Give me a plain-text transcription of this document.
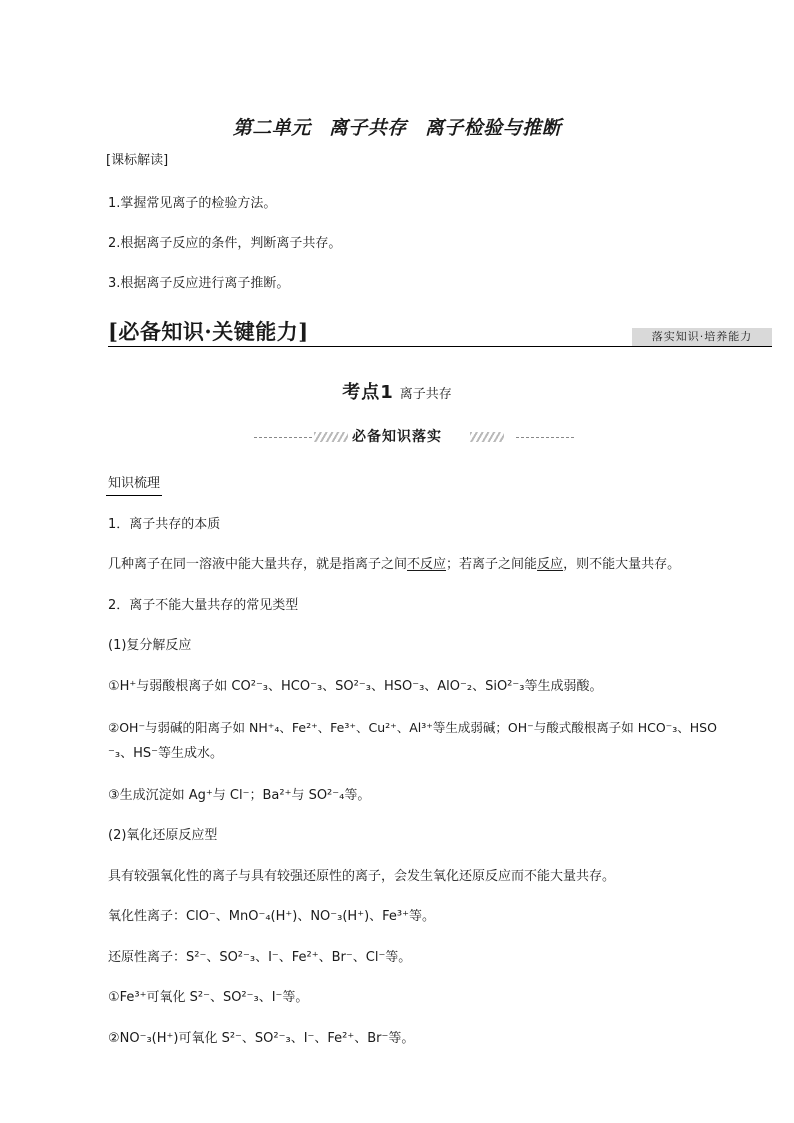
第二单元 离子共存 离子检验与推断
[课标解读]
1.掌握常见离子的检验方法。
2.根据离子反应的条件，判断离子共存。
3.根据离子反应进行离子推断。
[必备知识·关键能力]	落实知识·培养能力
考点1 离子共存
必备知识落实
知识梳理
1．离子共存的本质
几种离子在同一溶液中能大量共存，就是指离子之间不反应；若离子之间能反应，则不能大量共存。
2．离子不能大量共存的常见类型
(1)复分解反应
①H⁺与弱酸根离子如 CO²⁻₃、HCO⁻₃、SO²⁻₃、HSO⁻₃、AlO⁻₂、SiO²⁻₃等生成弱酸。
②OH⁻与弱碱的阳离子如 NH⁺₄、Fe²⁺、Fe³⁺、Cu²⁺、Al³⁺等生成弱碱；OH⁻与酸式酸根离子如 HCO⁻₃、HSO
⁻₃、HS⁻等生成水。
③生成沉淀如 Ag⁺与 Cl⁻；Ba²⁺与 SO²⁻₄等。
(2)氧化还原反应型
具有较强氧化性的离子与具有较强还原性的离子，会发生氧化还原反应而不能大量共存。
氧化性离子：ClO⁻、MnO⁻₄(H⁺)、NO⁻₃(H⁺)、Fe³⁺等。
还原性离子：S²⁻、SO²⁻₃、I⁻、Fe²⁺、Br⁻、Cl⁻等。
①Fe³⁺可氧化 S²⁻、SO²⁻₃、I⁻等。
②NO⁻₃(H⁺)可氧化 S²⁻、SO²⁻₃、I⁻、Fe²⁺、Br⁻等。
